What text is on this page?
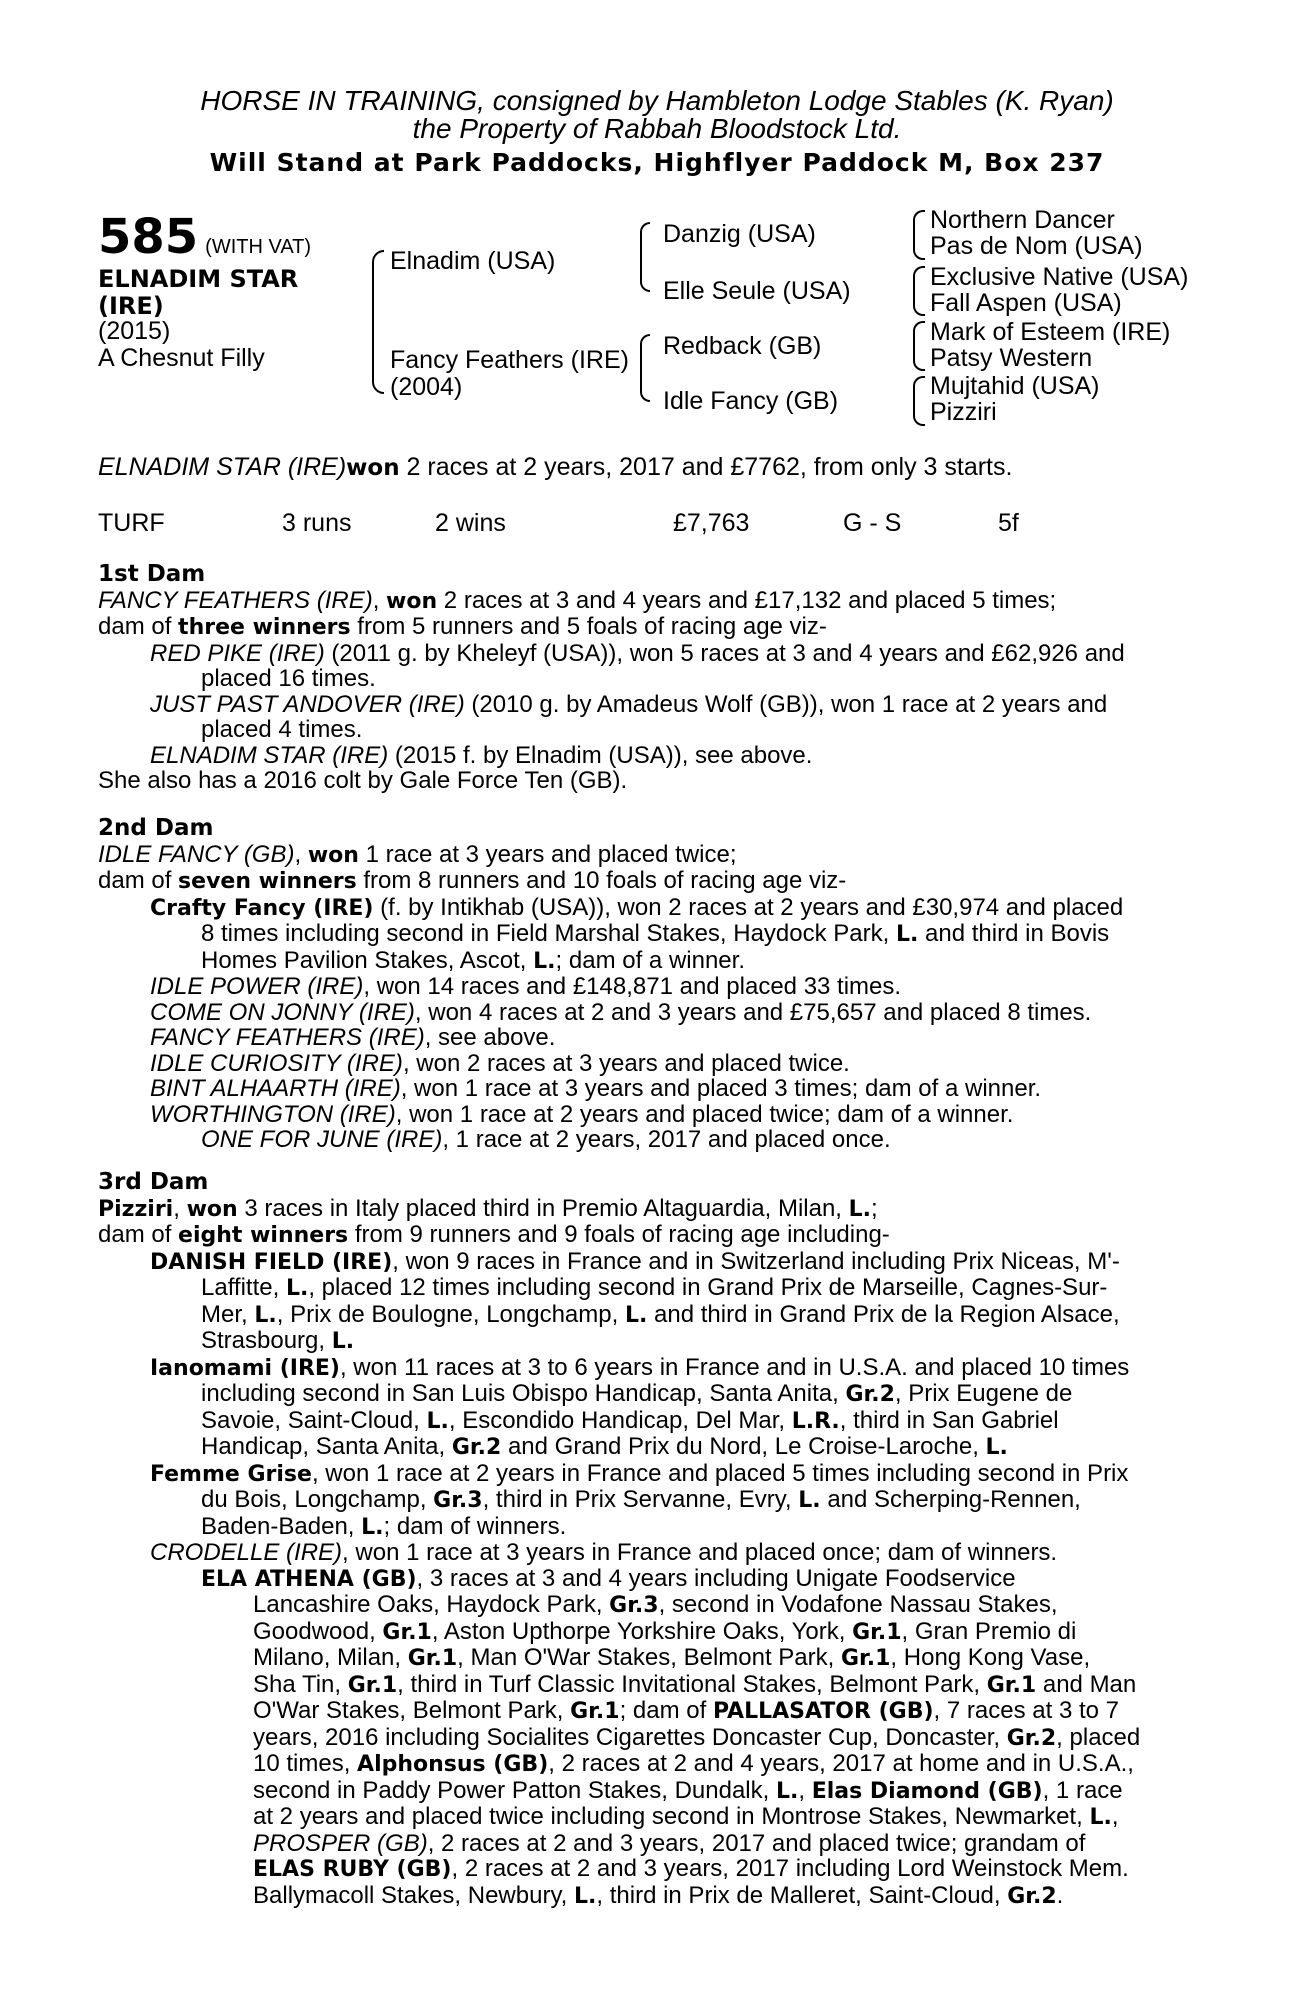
HORSE IN TRAINING, consigned by Hambleton Lodge Stables (K. Ryan)
the Property of Rabbah Bloodstock Ltd.
Will Stand at Park Paddocks, Highflyer Paddock M, Box 237
585 (WITH VAT)
ELNADIM STAR
(IRE)
(2015)
A Chesnut Filly
Elnadim (USA)
Fancy Feathers (IRE)
(2004)
Danzig (USA)
Elle Seule (USA)
Redback (GB)
Idle Fancy (GB)
Northern Dancer
Pas de Nom (USA)
Exclusive Native (USA)
Fall Aspen (USA)
Mark of Esteem (IRE)
Patsy Western
Mujtahid (USA)
Pizziri
ELNADIM STAR (IRE)won 2 races at 2 years, 2017 and £7762, from only 3 starts.
TURF	3 runs	2 wins	£7,763	G - S	5f
1st Dam
FANCY FEATHERS (IRE), won 2 races at 3 and 4 years and £17,132 and placed 5 times;
dam of three winners from 5 runners and 5 foals of racing age viz-
RED PIKE (IRE) (2011 g. by Kheleyf (USA)), won 5 races at 3 and 4 years and £62,926 and
placed 16 times.
JUST PAST ANDOVER (IRE) (2010 g. by Amadeus Wolf (GB)), won 1 race at 2 years and
placed 4 times.
ELNADIM STAR (IRE) (2015 f. by Elnadim (USA)), see above.
She also has a 2016 colt by Gale Force Ten (GB).
2nd Dam
IDLE FANCY (GB), won 1 race at 3 years and placed twice;
dam of seven winners from 8 runners and 10 foals of racing age viz-
Crafty Fancy (IRE) (f. by Intikhab (USA)), won 2 races at 2 years and £30,974 and placed
8 times including second in Field Marshal Stakes, Haydock Park, L. and third in Bovis
Homes Pavilion Stakes, Ascot, L.; dam of a winner.
IDLE POWER (IRE), won 14 races and £148,871 and placed 33 times.
COME ON JONNY (IRE), won 4 races at 2 and 3 years and £75,657 and placed 8 times.
FANCY FEATHERS (IRE), see above.
IDLE CURIOSITY (IRE), won 2 races at 3 years and placed twice.
BINT ALHAARTH (IRE), won 1 race at 3 years and placed 3 times; dam of a winner.
WORTHINGTON (IRE), won 1 race at 2 years and placed twice; dam of a winner.
ONE FOR JUNE (IRE), 1 race at 2 years, 2017 and placed once.
3rd Dam
Pizziri, won 3 races in Italy placed third in Premio Altaguardia, Milan, L.;
dam of eight winners from 9 runners and 9 foals of racing age including-
DANISH FIELD (IRE), won 9 races in France and in Switzerland including Prix Niceas, M'-
Laffitte, L., placed 12 times including second in Grand Prix de Marseille, Cagnes-Sur-
Mer, L., Prix de Boulogne, Longchamp, L. and third in Grand Prix de la Region Alsace,
Strasbourg, L.
Ianomami (IRE), won 11 races at 3 to 6 years in France and in U.S.A. and placed 10 times
including second in San Luis Obispo Handicap, Santa Anita, Gr.2, Prix Eugene de
Savoie, Saint-Cloud, L., Escondido Handicap, Del Mar, L.R., third in San Gabriel
Handicap, Santa Anita, Gr.2 and Grand Prix du Nord, Le Croise-Laroche, L.
Femme Grise, won 1 race at 2 years in France and placed 5 times including second in Prix
du Bois, Longchamp, Gr.3, third in Prix Servanne, Evry, L. and Scherping-Rennen,
Baden-Baden, L.; dam of winners.
CRODELLE (IRE), won 1 race at 3 years in France and placed once; dam of winners.
ELA ATHENA (GB), 3 races at 3 and 4 years including Unigate Foodservice
Lancashire Oaks, Haydock Park, Gr.3, second in Vodafone Nassau Stakes,
Goodwood, Gr.1, Aston Upthorpe Yorkshire Oaks, York, Gr.1, Gran Premio di
Milano, Milan, Gr.1, Man O'War Stakes, Belmont Park, Gr.1, Hong Kong Vase,
Sha Tin, Gr.1, third in Turf Classic Invitational Stakes, Belmont Park, Gr.1 and Man
O'War Stakes, Belmont Park, Gr.1; dam of PALLASATOR (GB), 7 races at 3 to 7
years, 2016 including Socialites Cigarettes Doncaster Cup, Doncaster, Gr.2, placed
10 times, Alphonsus (GB), 2 races at 2 and 4 years, 2017 at home and in U.S.A.,
second in Paddy Power Patton Stakes, Dundalk, L., Elas Diamond (GB), 1 race
at 2 years and placed twice including second in Montrose Stakes, Newmarket, L.,
PROSPER (GB), 2 races at 2 and 3 years, 2017 and placed twice; grandam of
ELAS RUBY (GB), 2 races at 2 and 3 years, 2017 including Lord Weinstock Mem.
Ballymacoll Stakes, Newbury, L., third in Prix de Malleret, Saint-Cloud, Gr.2.
